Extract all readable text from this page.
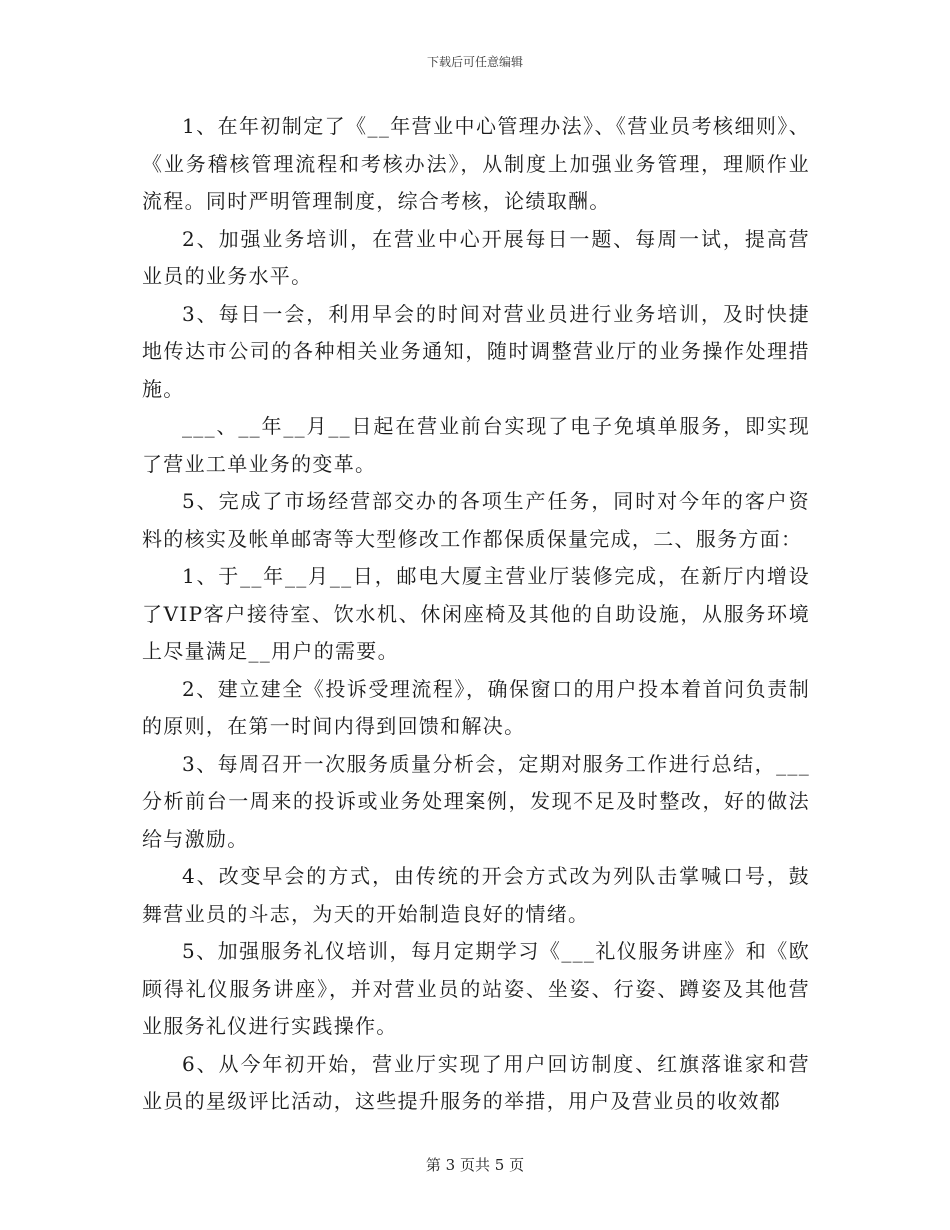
下载后可任意编辑

1、在年初制定了《__年营业中心管理办法》、《营业员考核细则》、《业务稽核管理流程和考核办法》，从制度上加强业务管理，理顺作业流程。同时严明管理制度，综合考核，论绩取酬。

2、加强业务培训，在营业中心开展每日一题、每周一试，提高营业员的业务水平。

3、每日一会，利用早会的时间对营业员进行业务培训，及时快捷地传达市公司的各种相关业务通知，随时调整营业厅的业务操作处理措施。

___、__年__月__日起在营业前台实现了电子免填单服务，即实现了营业工单业务的变革。

5、完成了市场经营部交办的各项生产任务，同时对今年的客户资料的核实及帐单邮寄等大型修改工作都保质保量完成，二、服务方面：

1、于__年__月__日，邮电大厦主营业厅装修完成，在新厅内增设了VIP客户接待室、饮水机、休闲座椅及其他的自助设施，从服务环境上尽量满足__用户的需要。

2、建立建全《投诉受理流程》，确保窗口的用户投本着首问负责制的原则，在第一时间内得到回馈和解决。

3、每周召开一次服务质量分析会，定期对服务工作进行总结，___分析前台一周来的投诉或业务处理案例，发现不足及时整改，好的做法给与激励。

4、改变早会的方式，由传统的开会方式改为列队击掌喊口号，鼓舞营业员的斗志，为天的开始制造良好的情绪。

5、加强服务礼仪培训，每月定期学习《___礼仪服务讲座》和《欧顾得礼仪服务讲座》，并对营业员的站姿、坐姿、行姿、蹲姿及其他营业服务礼仪进行实践操作。

6、从今年初开始，营业厅实现了用户回访制度、红旗落谁家和营业员的星级评比活动，这些提升服务的举措，用户及营业员的收效都

第 3 页共 5 页
